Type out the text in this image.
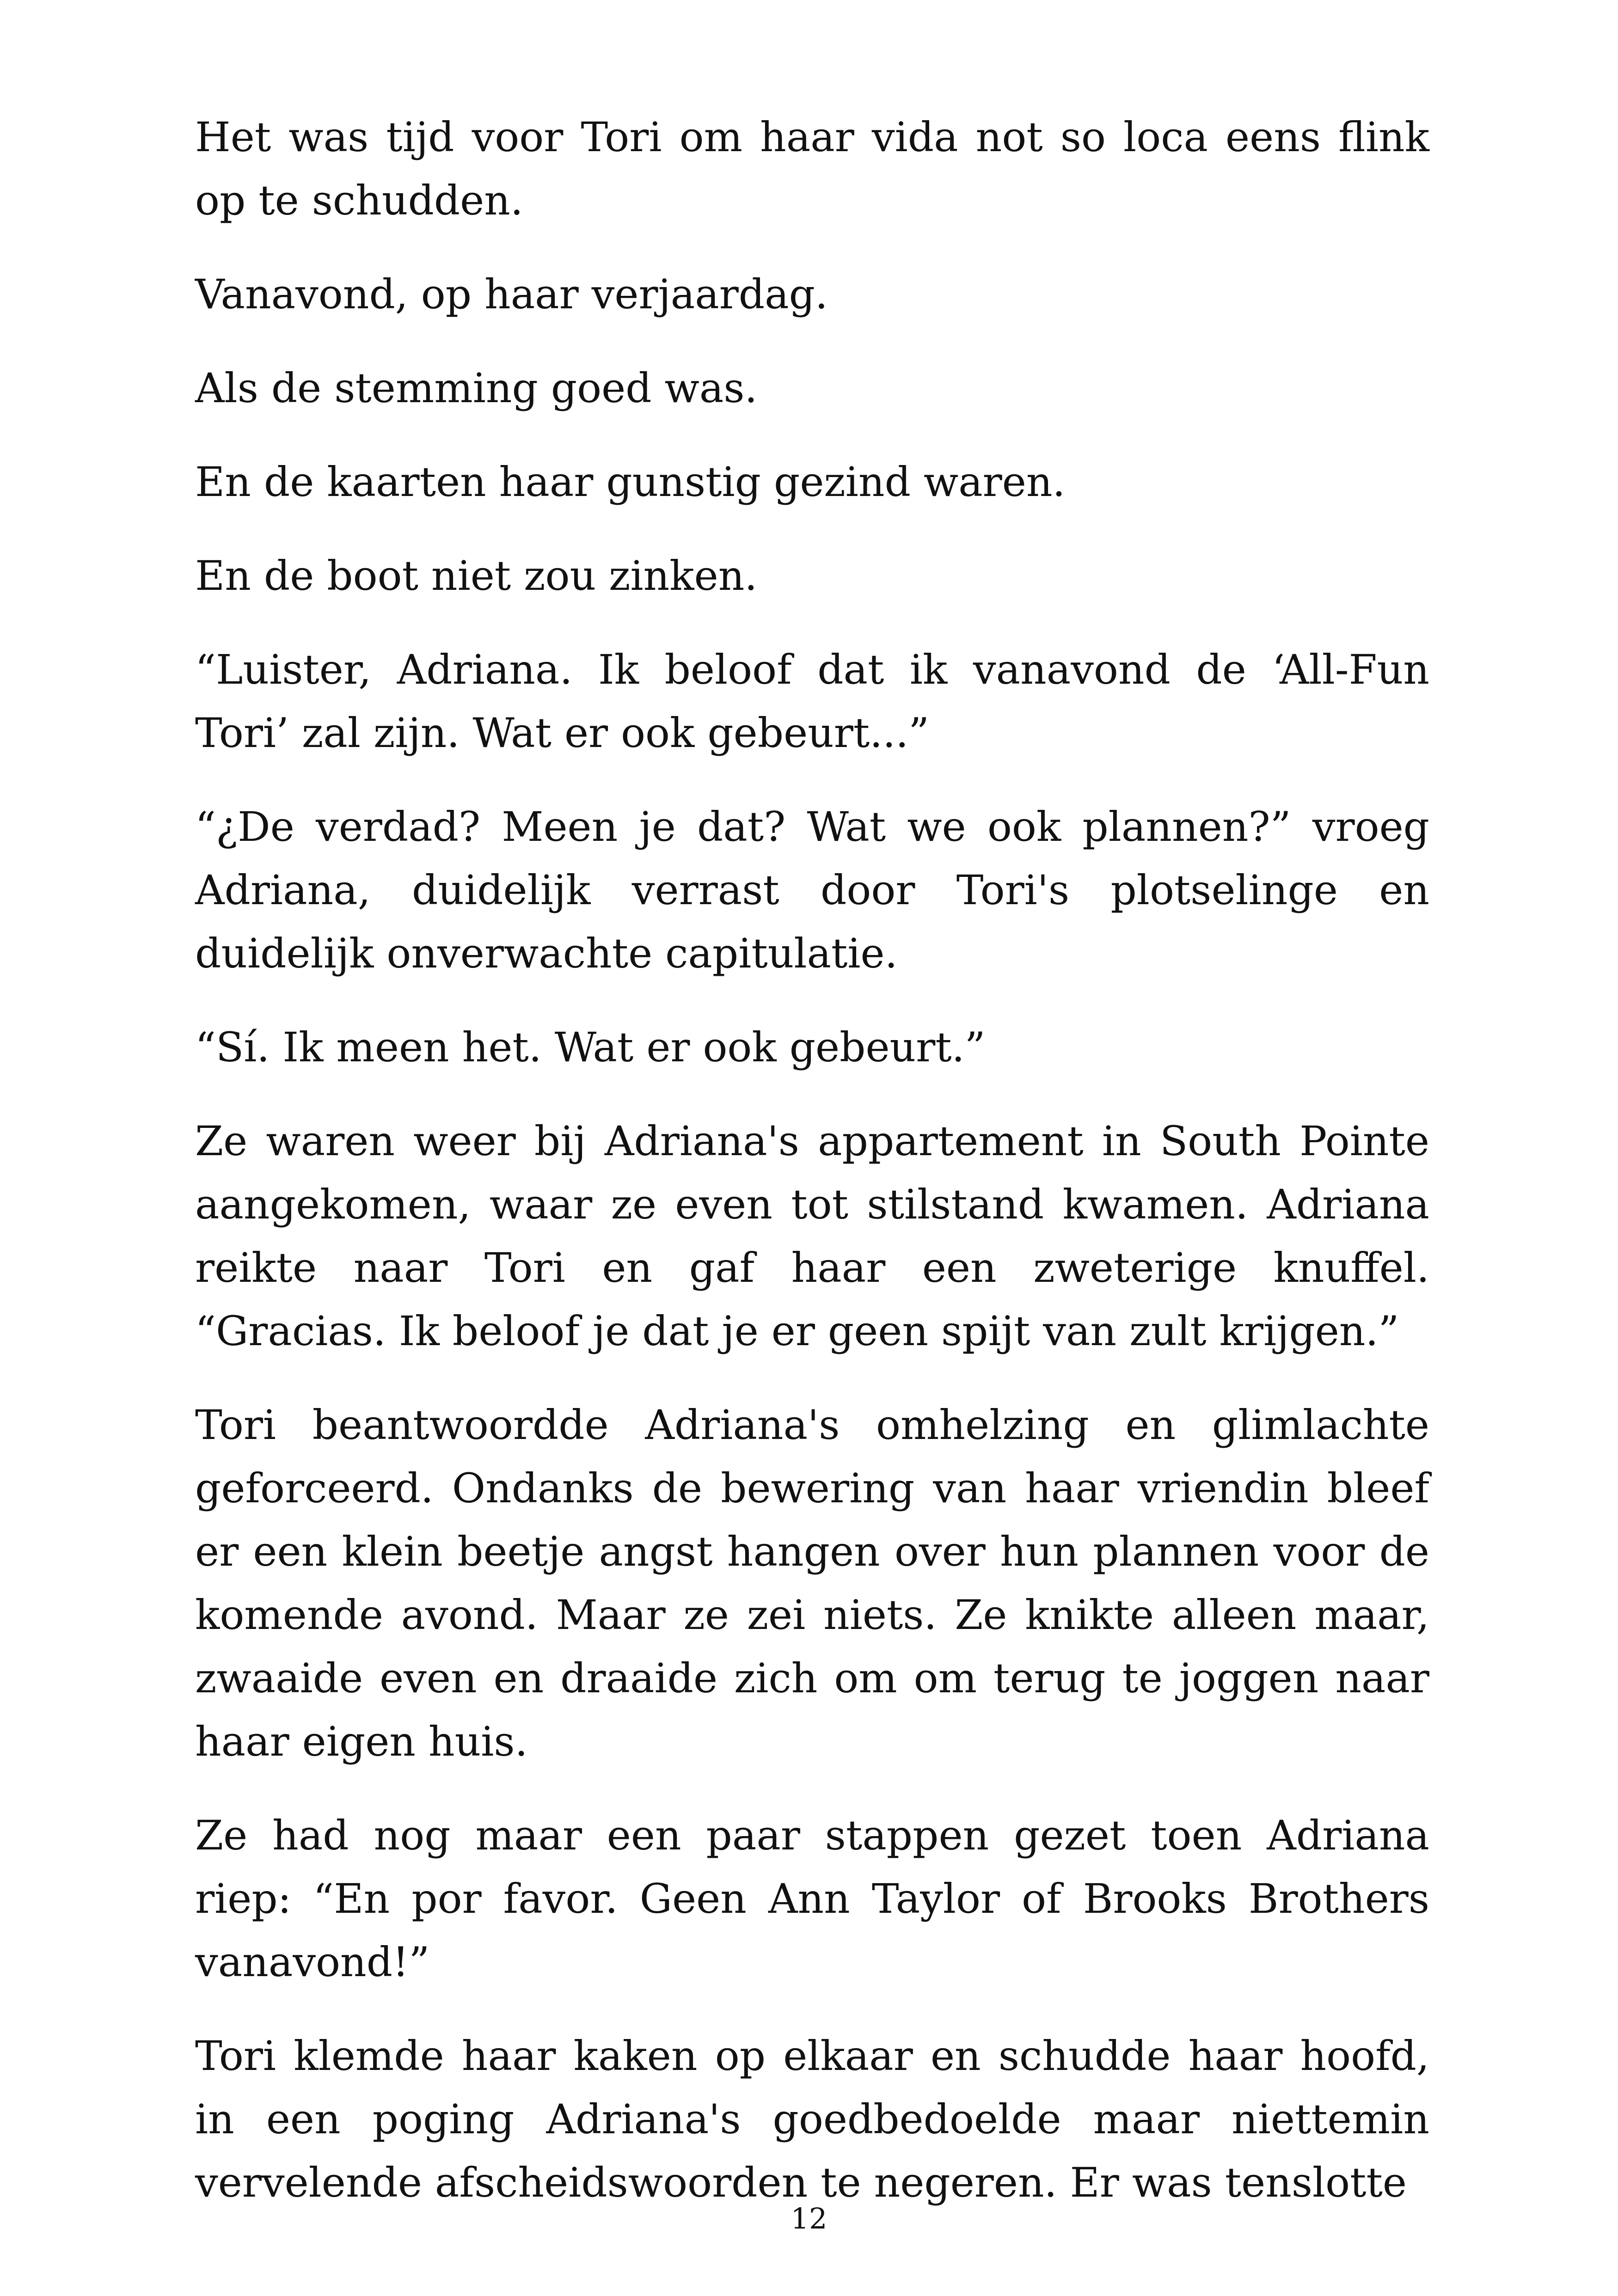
Het was tijd voor Tori om haar vida not so loca eens flink op te schudden.

Vanavond, op haar verjaardag.

Als de stemming goed was.

En de kaarten haar gunstig gezind waren.

En de boot niet zou zinken.

“Luister, Adriana. Ik beloof dat ik vanavond de ‘All-Fun Tori’ zal zijn. Wat er ook gebeurt...”

“¿De verdad? Meen je dat? Wat we ook plannen?” vroeg Adriana, duidelijk verrast door Tori's plotselinge en duidelijk onverwachte capitulatie.

“Sí. Ik meen het. Wat er ook gebeurt.”

Ze waren weer bij Adriana's appartement in South Pointe aangekomen, waar ze even tot stilstand kwamen. Adriana reikte naar Tori en gaf haar een zweterige knuffel. “Gracias. Ik beloof je dat je er geen spijt van zult krijgen.”

Tori beantwoordde Adriana's omhelzing en glimlachte geforceerd. Ondanks de bewering van haar vriendin bleef er een klein beetje angst hangen over hun plannen voor de komende avond. Maar ze zei niets. Ze knikte alleen maar, zwaaide even en draaide zich om om terug te joggen naar haar eigen huis.

Ze had nog maar een paar stappen gezet toen Adriana riep: “En por favor. Geen Ann Taylor of Brooks Brothers vanavond!”

Tori klemde haar kaken op elkaar en schudde haar hoofd, in een poging Adriana's goedbedoelde maar niettemin vervelende afscheidswoorden te negeren. Er was tenslotte

12
